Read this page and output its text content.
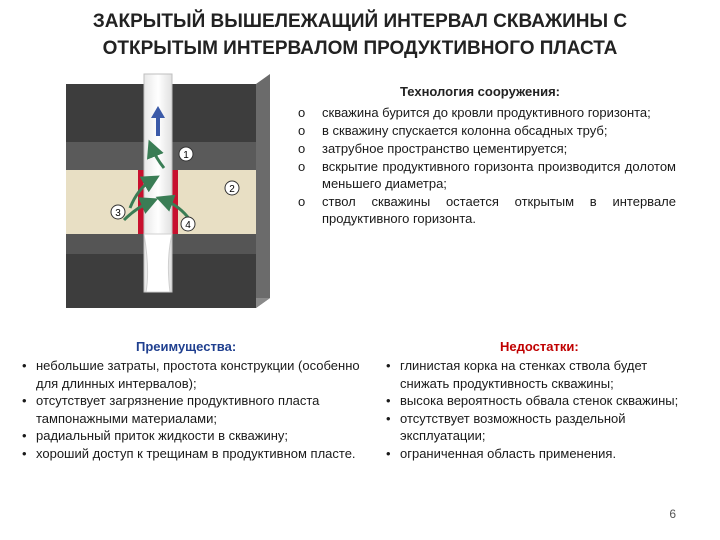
ЗАКРЫТЫЙ ВЫШЕЛЕЖАЩИЙ ИНТЕРВАЛ СКВАЖИНЫ С
ОТКРЫТЫМ ИНТЕРВАЛОМ ПРОДУКТИВНОГО ПЛАСТА
1
2
3
4
Технология сооружения:
o скважина бурится до кровли продуктивного горизонта;
o в скважину спускается колонна обсадных труб;
o затрубное пространство цементируется;
o вскрытие продуктивного горизонта производится долотом меньшего диаметра;
o ствол скважины остается открытым в интервале продуктивного горизонта.
Преимущества:
• небольшие затраты, простота конструкции (особенно для длинных интервалов);
• отсутствует загрязнение продуктивного пласта тампонажными материалами;
• радиальный приток жидкости в скважину;
• хороший доступ к трещинам в продуктивном пласте.
Недостатки:
• глинистая корка на стенках ствола будет снижать продуктивность скважины;
• высока вероятность обвала стенок скважины;
• отсутствует возможность раздельной эксплуатации;
• ограниченная область применения.
6
